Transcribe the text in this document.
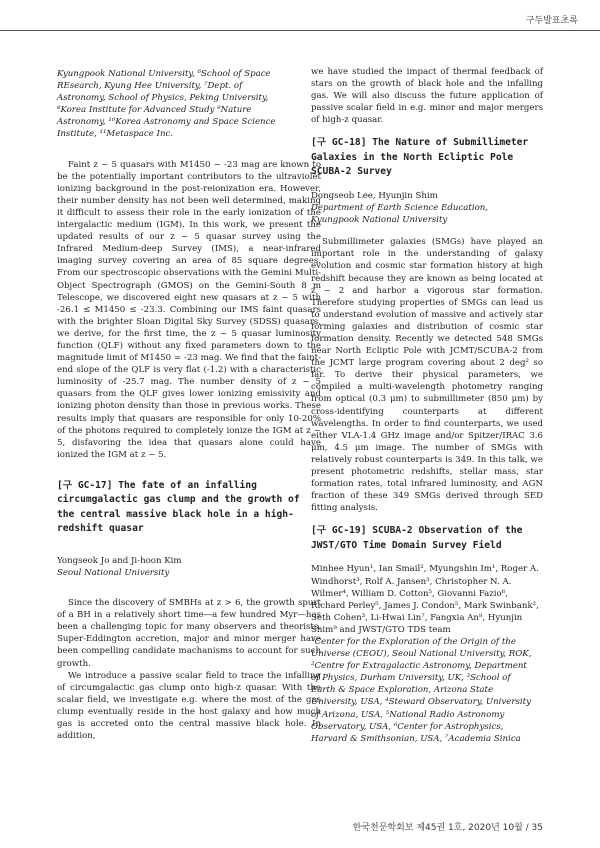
구두발표초록

Kyungpook National University, ⁶School of Space

REsearch, Kyung Hee University, ⁷Dept. of

Astronomy, School of Physics, Peking University,

⁸Korea Institute for Advanced Study ⁹Nature

Astronomy, ¹⁰Korea Astronomy and Space Science

Institute, ¹¹Metaspace Inc.

Faint z ~ 5 quasars with M1450 ~ -23 mag are known to be the potentially important contributors to the ultraviolet ionizing background in the post-reionization era. However, their number density has not been well determined, making it difficult to assess their role in the early ionization of the intergalactic medium (IGM). In this work, we present the updated results of our z ~ 5 quasar survey using the Infrared Medium-deep Survey (IMS), a near-infrared imaging survey covering an area of 85 square degrees. From our spectroscopic observations with the Gemini Multi-Object Spectrograph (GMOS) on the Gemini-South 8 m Telescope, we discovered eight new quasars at z ~ 5 with -26.1 ≤ M1450 ≤ -23.3. Combining our IMS faint quasars with the brighter Sloan Digital Sky Survey (SDSS) quasars, we derive, for the first time, the z ~ 5 quasar luminosity function (QLF) without any fixed parameters down to the magnitude limit of M1450 = -23 mag. We find that the faint-end slope of the QLF is very flat (-1.2) with a characteristic luminosity of -25.7 mag. The number density of z ~ 5 quasars from the QLF gives lower ionizing emissivity and ionizing photon density than those in previous works. These results imply that quasars are responsible for only 10-20% of the photons required to completely ionize the IGM at z ~ 5, disfavoring the idea that quasars alone could have ionized the IGM at z ~ 5.

[구 GC-17] The fate of an infalling circumgalactic gas clump and the growth of the central massive black hole in a high-redshift quasar

Yongseok Jo and Ji-hoon Kim

Seoul National University

Since the discovery of SMBHs at z > 6, the growth spurt of a BH in a relatively short time—a few hundred Myr—has been a challenging topic for many observers and theorists. Super-Eddington accretion, major and minor merger have been compelling candidate machanisms to account for such growth.

We introduce a passive scalar field to trace the infalling of circumgalactic gas clump onto high-z quasar. With the scalar field, we investigate e.g. where the most of the gas clump eventually reside in the host galaxy and how much gas is accreted onto the central massive black hole. In addition,

we have studied the impact of thermal feedback of stars on the growth of black hole and the infalling gas. We will also discuss the future application of passive scalar field in e.g. minor and major mergers of high-z quasar.

[구 GC-18] The Nature of Submillimeter Galaxies in the North Ecliptic Pole SCUBA-2 Survey

Dongseob Lee, Hyunjin Shim

Department of Earth Science Education,

Kyungpook National University

Submillimeter galaxies (SMGs) have played an important role in the understanding of galaxy evolution and cosmic star formation history at high redshift because they are known as being located at z ~ 2 and harbor a vigorous star formation. Therefore studying properties of SMGs can lead us to understand evolution of massive and actively star forming galaxies and distribution of cosmic star formation density. Recently we detected 548 SMGs near North Ecliptic Pole with JCMT/SCUBA-2 from the JCMT large program covering about 2 deg² so far. To derive their physical parameters, we compiled a multi-wavelength photometry ranging from optical (0.3 μm) to submillimeter (850 μm) by cross-identifying counterparts at different wavelengths. In order to find counterparts, we used either VLA-1.4 GHz image and/or Spitzer/IRAC 3.6 μm, 4.5 μm image. The number of SMGs with relatively robust counterparts is 349. In this talk, we present photometric redshifts, stellar mass, star formation rates, total infrared luminosity, and AGN fraction of these 349 SMGs derived through SED fitting analysis.

[구 GC-19] SCUBA-2 Observation of the JWST/GTO Time Domain Survey Field

Minhee Hyun¹, Ian Smail², Myungshin Im¹, Roger A. Windhorst³, Rolf A. Jansen³, Christopher N. A. Wilmer⁴, William D. Cotton⁵, Giovanni Fazio⁶, Richard Perley⁵, James J. Condon⁵, Mark Swinbank², Seth Cohen³, Li-Hwai Lin⁷, Fangxia An⁸, Hyunjin Shim⁹ and JWST/GTO TDS team

¹Center for the Exploration of the Origin of the

Universe (CEOU), Seoul National University, ROK,

²Centre for Extragalactic Astronomy, Department

of Physics, Durham University, UK, ³School of

Earth & Space Exploration, Arizona State

University, USA, ⁴Steward Observatory, University

of Arizona, USA, ⁵National Radio Astronomy

Observatory, USA, ⁶Center for Astrophysics,

Harvard & Smithsonian, USA, ⁷Academia Sinica

한국천문학회보 제45권 1호, 2020년 10월 / 35
